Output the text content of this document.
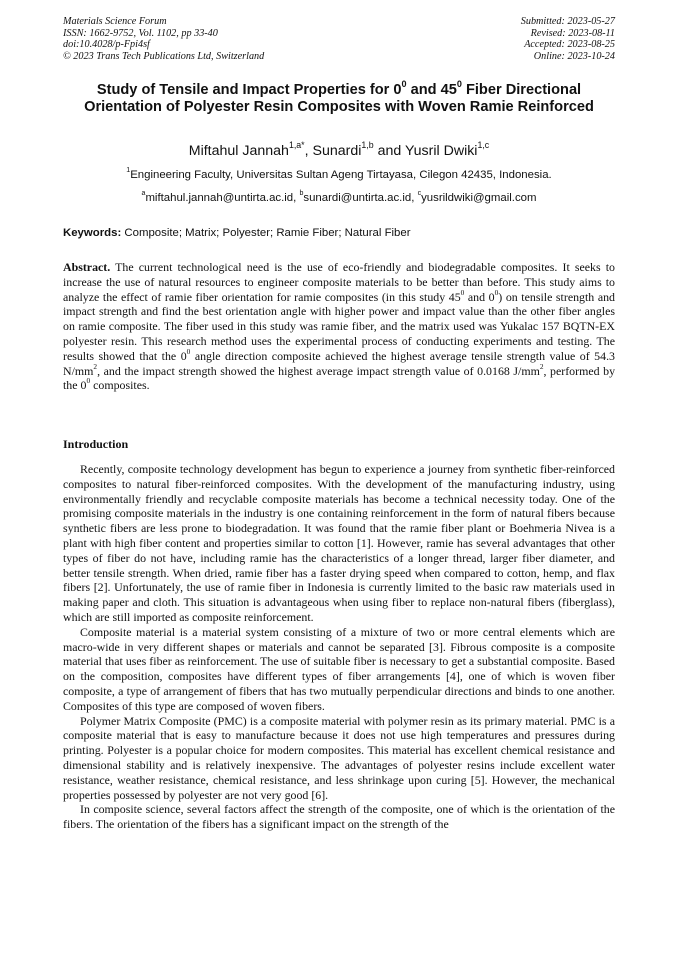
Materials Science Forum
ISSN: 1662-9752, Vol. 1102, pp 33-40
doi:10.4028/p-Fpi4sf
© 2023 Trans Tech Publications Ltd, Switzerland
Submitted: 2023-05-27
Revised: 2023-08-11
Accepted: 2023-08-25
Online: 2023-10-24
Study of Tensile and Impact Properties for $0^0$ and $45^0$ Fiber Directional Orientation of Polyester Resin Composites with Woven Ramie Reinforced
Miftahul Jannah$^{1,a*}$, Sunardi$^{1,b}$ and Yusril Dwiki$^{1,c}$
$^1$Engineering Faculty, Universitas Sultan Ageng Tirtayasa, Cilegon 42435, Indonesia.
$^a$miftahul.jannah@untirta.ac.id, $^b$sunardi@untirta.ac.id, $^c$yusrildwiki@gmail.com
Keywords: Composite; Matrix; Polyester; Ramie Fiber; Natural Fiber
Abstract. The current technological need is the use of eco-friendly and biodegradable composites. It seeks to increase the use of natural resources to engineer composite materials to be better than before. This study aims to analyze the effect of ramie fiber orientation for ramie composites (in this study $45^0$ and $0^0$) on tensile strength and impact strength and find the best orientation angle with higher power and impact value than the other fiber angles on ramie composite. The fiber used in this study was ramie fiber, and the matrix used was Yukalac 157 BQTN-EX polyester resin. This research method uses the experimental process of conducting experiments and testing. The results showed that the $0^0$ angle direction composite achieved the highest average tensile strength value of 54.3 $N/mm^2$, and the impact strength showed the highest average impact strength value of 0.0168 $J/mm^2$, performed by the $0^0$ composites.
Introduction

Recently, composite technology development has begun to experience a journey from synthetic fiber-reinforced composites to natural fiber-reinforced composites. With the development of the manufacturing industry, using environmentally friendly and recyclable composite materials has become a technical necessity today. One of the promising composite materials in the industry is one containing reinforcement in the form of natural fibers because synthetic fibers are less prone to biodegradation. It was found that the ramie fiber plant or Boehmeria Nivea is a plant with high fiber content and properties similar to cotton [1]. However, ramie has several advantages that other types of fiber do not have, including ramie has the characteristics of a longer thread, larger fiber diameter, and better tensile strength. When dried, ramie fiber has a faster drying speed when compared to cotton, hemp, and flax fibers [2]. Unfortunately, the use of ramie fiber in Indonesia is currently limited to the basic raw materials used in making paper and cloth. This situation is advantageous when using fiber to replace non-natural fibers (fiberglass), which are still imported as composite reinforcement.

Composite material is a material system consisting of a mixture of two or more central elements which are macro-wide in very different shapes or materials and cannot be separated [3]. Fibrous composite is a composite material that uses fiber as reinforcement. The use of suitable fiber is necessary to get a substantial composite. Based on the composition, composites have different types of fiber arrangements [4], one of which is woven fiber composite, a type of arrangement of fibers that has two mutually perpendicular directions and binds to one another. Composites of this type are composed of woven fibers.

Polymer Matrix Composite (PMC) is a composite material with polymer resin as its primary material. PMC is a composite material that is easy to manufacture because it does not use high temperatures and pressures during printing. Polyester is a popular choice for modern composites. This material has excellent chemical resistance and dimensional stability and is relatively inexpensive. The advantages of polyester resins include excellent water resistance, weather resistance, chemical resistance, and less shrinkage upon curing [5]. However, the mechanical properties possessed by polyester are not very good [6].

In composite science, several factors affect the strength of the composite, one of which is the orientation of the fibers. The orientation of the fibers has a significant impact on the strength of the
